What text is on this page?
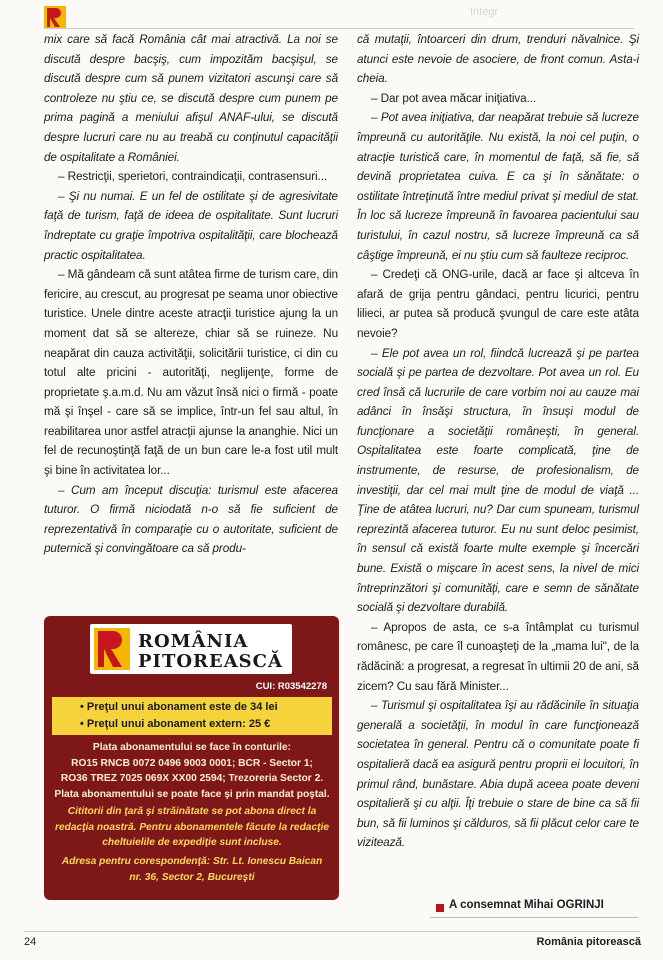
Integr

mix care să facă România cât mai atractivă. La noi se discută despre bacşiş, cum impozităm bacşişul, se discută despre cum să punem vizitatori ascunşi care să controleze nu ştiu ce, se discută despre cum punem pe prima pagină a meniului afişul ANAF-ului, se discută despre lucruri care nu au treabă cu conţinutul capacităţii de ospitalitate a României.

– Restricţii, sperietori, contraindicaţii, contrasensuri...

– Şi nu numai. E un fel de ostilitate şi de agresivitate faţă de turism, faţă de ideea de ospitalitate. Sunt lucruri îndreptate cu graţie împotriva ospitalităţii, care blochează practic ospitalitatea.

– Mă gândeam că sunt atâtea firme de turism care, din fericire, au crescut, au progresat pe seama unor obiective turistice. Unele dintre aceste atracţii turistice ajung la un moment dat să se altereze, chiar să se ruineze. Nu neapărat din cauza activităţii, solicitării turistice, ci din cu totul alte pricini - autorităţi, neglijenţe, forme de proprietate ş.a.m.d. Nu am văzut însă nici o firmă - poate mă şi înşel - care să se implice, într-un fel sau altul, în reabilitarea unor astfel atracţii ajunse la ananghie. Nici un fel de recunoştinţă faţă de un bun care le-a fost util mult şi bine în activitatea lor...

– Cum am început discuţia: turismul este afacerea tuturor. O firmă niciodată n-o să fie suficient de reprezentativă în comparaţie cu o autoritate, suficient de puternică şi convingătoare ca să produ-

că mutaţii, întoarceri din drum, trenduri năvalnice. Şi atunci este nevoie de asociere, de front comun. Asta-i cheia.

– Dar pot avea măcar iniţiativa...

– Pot avea iniţiativa, dar neapărat trebuie să lucreze împreună cu autorităţile. Nu există, la noi cel puţin, o atracţie turistică care, în momentul de faţă, să fie, să devină proprietatea cuiva. E ca şi în sănătate: o ostilitate întreţinută între mediul privat şi mediul de stat. În loc să lucreze împreună în favoarea pacientului sau turistului, în cazul nostru, să lucreze împreună ca să câştige împreună, ei nu ştiu cum să faulteze reciproc.

– Credeţi că ONG-urile, dacă ar face şi altceva în afară de grija pentru gândaci, pentru licurici, pentru lilieci, ar putea să producă şvungul de care este atâta nevoie?

– Ele pot avea un rol, fiindcă lucrează şi pe partea socială şi pe partea de dezvoltare. Pot avea un rol. Eu cred însă că lucrurile de care vorbim noi au cauze mai adânci în însăşi structura, în însuşi modul de funcţionare a societăţii româneşti, în general. Ospitalitatea este foarte complicată, ţine de instrumente, de resurse, de profesionalism, de investiţii, dar cel mai mult ţine de modul de viaţă ... Ţine de atâtea lucruri, nu? Dar cum spuneam, turismul reprezintă afacerea tuturor. Eu nu sunt deloc pesimist, în sensul că există foarte multe exemple şi încercări bune. Există o mişcare în acest sens, la nivel de mici întreprinzători şi comunităţi, care e semn de sănătate socială şi dezvoltare durabilă.

– Apropos de asta, ce s-a întâmplat cu turismul românesc, pe care îl cunoaşteţi de la „mama lui", de la rădăcină: a progresat, a regresat în ultimii 20 de ani, să zicem? Cu sau fără Minister...

– Turismul şi ospitalitatea îşi au rădăcinile în situaţia generală a societăţii, în modul în care funcţionează societatea în general. Pentru că o comunitate poate fi ospitalieră dacă ea asigură pentru proprii ei locuitori, în primul rând, bunăstare. Abia după aceea poate deveni ospitalieră şi cu alţii. Îţi trebuie o stare de bine ca să fii bun, să fii luminos şi călduros, să fii plăcut celor care te vizitează.

ROMÂNIA
PITOREASCĂ
CUI: R03542278
• Preţul unui abonament este de 34 lei
• Preţul unui abonament extern: 25 €
Plata abonamentului se face în conturile:
RO15 RNCB 0072 0496 9003 0001; BCR - Sector 1;
RO36 TREZ 7025 069X XX00 2594; Trezoreria Sector 2.
Plata abonamentului se poate face şi prin mandat poştal.
Cititorii din ţară şi străinătate se pot abona direct la
redacţia noastră. Pentru abonamentele făcute la redacţie
cheltuielile de expediţie sunt incluse.
Adresa pentru corespondenţă: Str. Lt. Ionescu Baican
nr. 36, Sector 2, Bucureşti
A consemnat Mihai OGRINJI
24	România pitorească
